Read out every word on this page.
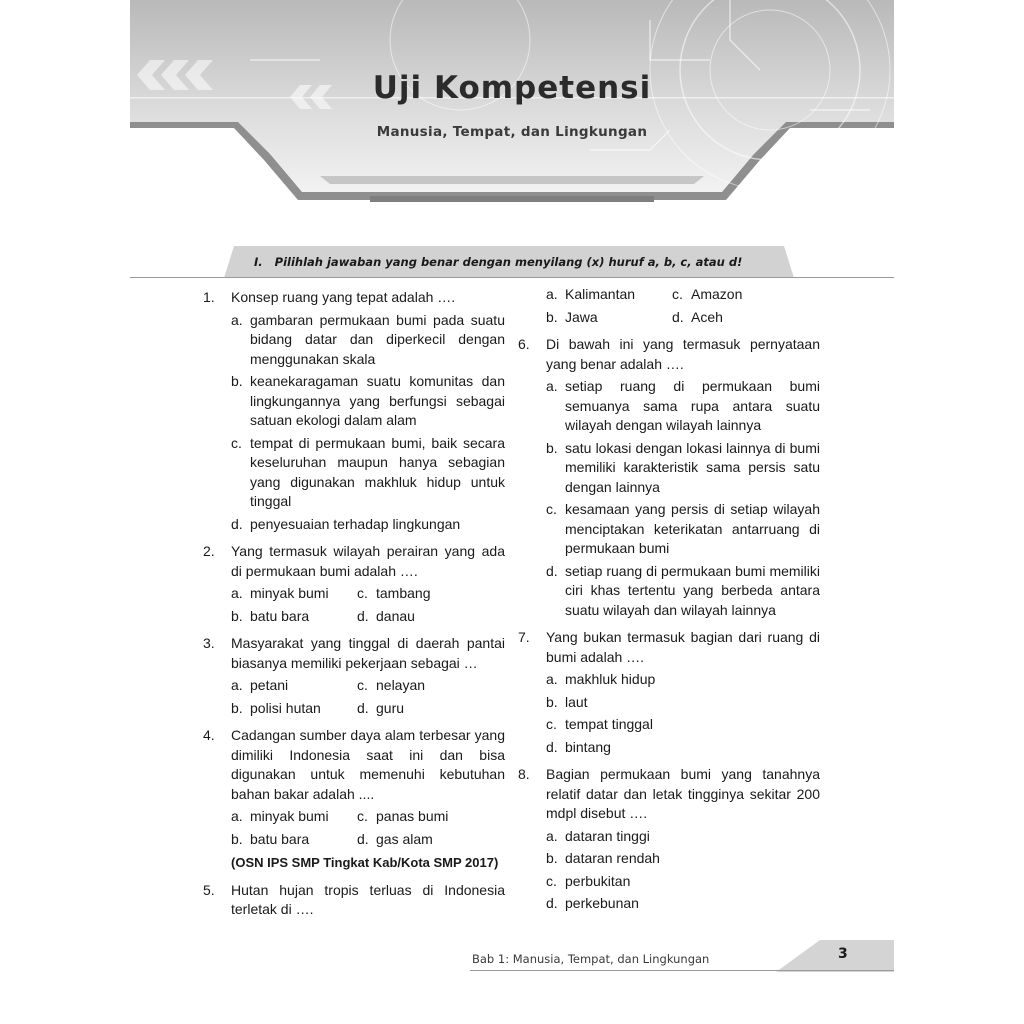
Uji Kompetensi
Manusia, Tempat, dan Lingkungan
I. Pilihlah jawaban yang benar dengan menyilang (x) huruf a, b, c, atau d!
1. Konsep ruang yang tepat adalah ….
a. gambaran permukaan bumi pada suatu bidang datar dan diperkecil dengan menggunakan skala
b. keanekaragaman suatu komunitas dan lingkungannya yang berfungsi sebagai satuan ekologi dalam alam
c. tempat di permukaan bumi, baik secara keseluruhan maupun hanya sebagian yang digunakan makhluk hidup untuk tinggal
d. penyesuaian terhadap lingkungan
2. Yang termasuk wilayah perairan yang ada di permukaan bumi adalah ….
a. minyak bumi	c. tambang
b. batu bara	d. danau
3. Masyarakat yang tinggal di daerah pantai biasanya memiliki pekerjaan sebagai …
a. petani	c. nelayan
b. polisi hutan	d. guru
4. Cadangan sumber daya alam terbesar yang dimiliki Indonesia saat ini dan bisa digunakan untuk memenuhi kebutuhan bahan bakar adalah ....
a. minyak bumi	c. panas bumi
b. batu bara	d. gas alam
(OSN IPS SMP Tingkat Kab/Kota SMP 2017)
5. Hutan hujan tropis terluas di Indonesia terletak di ….
a. Kalimantan	c. Amazon
b. Jawa	d. Aceh
6. Di bawah ini yang termasuk pernyataan yang benar adalah ….
a. setiap ruang di permukaan bumi semuanya sama rupa antara suatu wilayah dengan wilayah lainnya
b. satu lokasi dengan lokasi lainnya di bumi memiliki karakteristik sama persis satu dengan lainnya
c. kesamaan yang persis di setiap wilayah menciptakan keterikatan antarruang di permukaan bumi
d. setiap ruang di permukaan bumi memiliki ciri khas tertentu yang berbeda antara suatu wilayah dan wilayah lainnya
7. Yang bukan termasuk bagian dari ruang di bumi adalah ….
a. makhluk hidup
b. laut
c. tempat tinggal
d. bintang
8. Bagian permukaan bumi yang tanahnya relatif datar dan letak tingginya sekitar 200 mdpl disebut ….
a. dataran tinggi
b. dataran rendah
c. perbukitan
d. perkebunan
Bab 1: Manusia, Tempat, dan Lingkungan	3
